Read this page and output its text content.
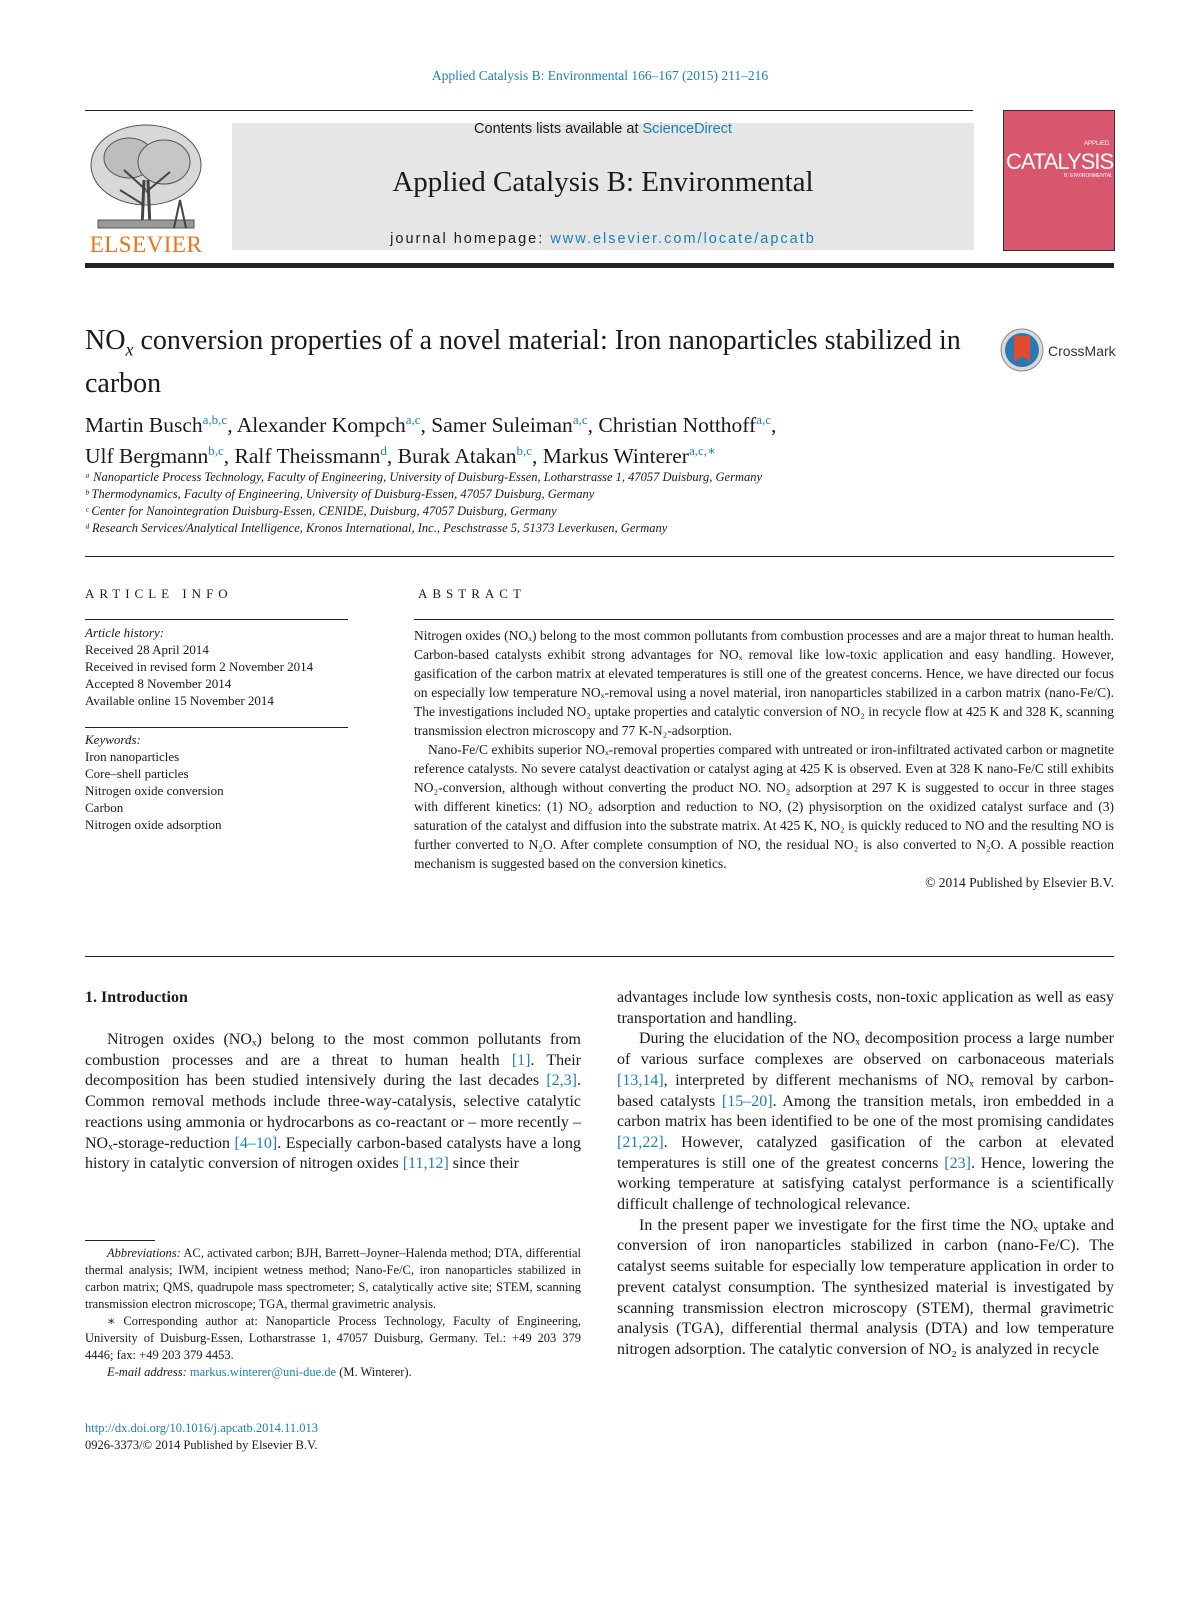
Applied Catalysis B: Environmental 166–167 (2015) 211–216
ELSEVIER
Contents lists available at ScienceDirect
Applied Catalysis B: Environmental
journal homepage: www.elsevier.com/locate/apcatb
APPLIED
CATALYSIS
B: ENVIRONMENTAL
$NO_x$ conversion properties of a novel material: Iron nanoparticles stabilized in carbon
CrossMark
Martin Busch$^{a,b,c}$, Alexander Kompch$^{a,c}$, Samer Suleiman$^{a,c}$, Christian Notthoff$^{a,c}$,
Ulf Bergmann$^{b,c}$, Ralf Theissmann$^d$, Burak Atakan$^{b,c}$, Markus Winterer$^{a,c,∗}$
ᵃ Nanoparticle Process Technology, Faculty of Engineering, University of Duisburg-Essen, Lotharstrasse 1, 47057 Duisburg, Germany
ᵇ Thermodynamics, Faculty of Engineering, University of Duisburg-Essen, 47057 Duisburg, Germany
ᶜ Center for Nanointegration Duisburg-Essen, CENIDE, Duisburg, 47057 Duisburg, Germany
ᵈ Research Services/Analytical Intelligence, Kronos International, Inc., Peschstrasse 5, 51373 Leverkusen, Germany
ARTICLE INFO
Article history:
Received 28 April 2014
Received in revised form 2 November 2014
Accepted 8 November 2014
Available online 15 November 2014
Keywords:
Iron nanoparticles
Core–shell particles
Nitrogen oxide conversion
Carbon
Nitrogen oxide adsorption
ABSTRACT

Nitrogen oxides (NOₓ) belong to the most common pollutants from combustion processes and are a major threat to human health. Carbon-based catalysts exhibit strong advantages for NOₓ removal like low-toxic application and easy handling. However, gasification of the carbon matrix at elevated temperatures is still one of the greatest concerns. Hence, we have directed our focus on especially low temperature NOₓ-removal using a novel material, iron nanoparticles stabilized in a carbon matrix (nano-Fe/C). The investigations included NO₂ uptake properties and catalytic conversion of NO₂ in recycle flow at 425 K and 328 K, scanning transmission electron microscopy and 77 K-N₂-adsorption.

Nano-Fe/C exhibits superior NOₓ-removal properties compared with untreated or iron-infiltrated activated carbon or magnetite reference catalysts. No severe catalyst deactivation or catalyst aging at 425 K is observed. Even at 328 K nano-Fe/C still exhibits NO₂-conversion, although without converting the product NO. NO₂ adsorption at 297 K is suggested to occur in three stages with different kinetics: (1) NO₂ adsorption and reduction to NO, (2) physisorption on the oxidized catalyst surface and (3) saturation of the catalyst and diffusion into the substrate matrix. At 425 K, NO₂ is quickly reduced to NO and the resulting NO is further converted to N₂O. After complete consumption of NO, the residual NO₂ is also converted to N₂O. A possible reaction mechanism is suggested based on the conversion kinetics.

© 2014 Published by Elsevier B.V.
1. Introduction

Nitrogen oxides (NOₓ) belong to the most common pollutants from combustion processes and are a threat to human health [1]. Their decomposition has been studied intensively during the last decades [2,3]. Common removal methods include three-way-catalysis, selective catalytic reactions using ammonia or hydrocarbons as co-reactant or – more recently – NOₓ-storage-reduction [4–10]. Especially carbon-based catalysts have a long history in catalytic conversion of nitrogen oxides [11,12] since their

advantages include low synthesis costs, non-toxic application as well as easy transportation and handling.

During the elucidation of the NOₓ decomposition process a large number of various surface complexes are observed on carbonaceous materials [13,14], interpreted by different mechanisms of NOₓ removal by carbon-based catalysts [15–20]. Among the transition metals, iron embedded in a carbon matrix has been identified to be one of the most promising candidates [21,22]. However, catalyzed gasification of the carbon at elevated temperatures is still one of the greatest concerns [23]. Hence, lowering the working temperature at satisfying catalyst performance is a scientifically difficult challenge of technological relevance.

In the present paper we investigate for the first time the NOₓ uptake and conversion of iron nanoparticles stabilized in carbon (nano-Fe/C). The catalyst seems suitable for especially low temperature application in order to prevent catalyst consumption. The synthesized material is investigated by scanning transmission electron microscopy (STEM), thermal gravimetric analysis (TGA), differential thermal analysis (DTA) and low temperature nitrogen adsorption. The catalytic conversion of NO₂ is analyzed in recycle

Abbreviations: AC, activated carbon; BJH, Barrett–Joyner–Halenda method; DTA, differential thermal analysis; IWM, incipient wetness method; Nano-Fe/C, iron nanoparticles stabilized in carbon matrix; QMS, quadrupole mass spectrometer; S, catalytically active site; STEM, scanning transmission electron microscope; TGA, thermal gravimetric analysis.

∗ Corresponding author at: Nanoparticle Process Technology, Faculty of Engineering, University of Duisburg-Essen, Lotharstrasse 1, 47057 Duisburg, Germany. Tel.: +49 203 379 4446; fax: +49 203 379 4453.

E-mail address: markus.winterer@uni-due.de (M. Winterer).

http://dx.doi.org/10.1016/j.apcatb.2014.11.013
0926-3373/© 2014 Published by Elsevier B.V.
